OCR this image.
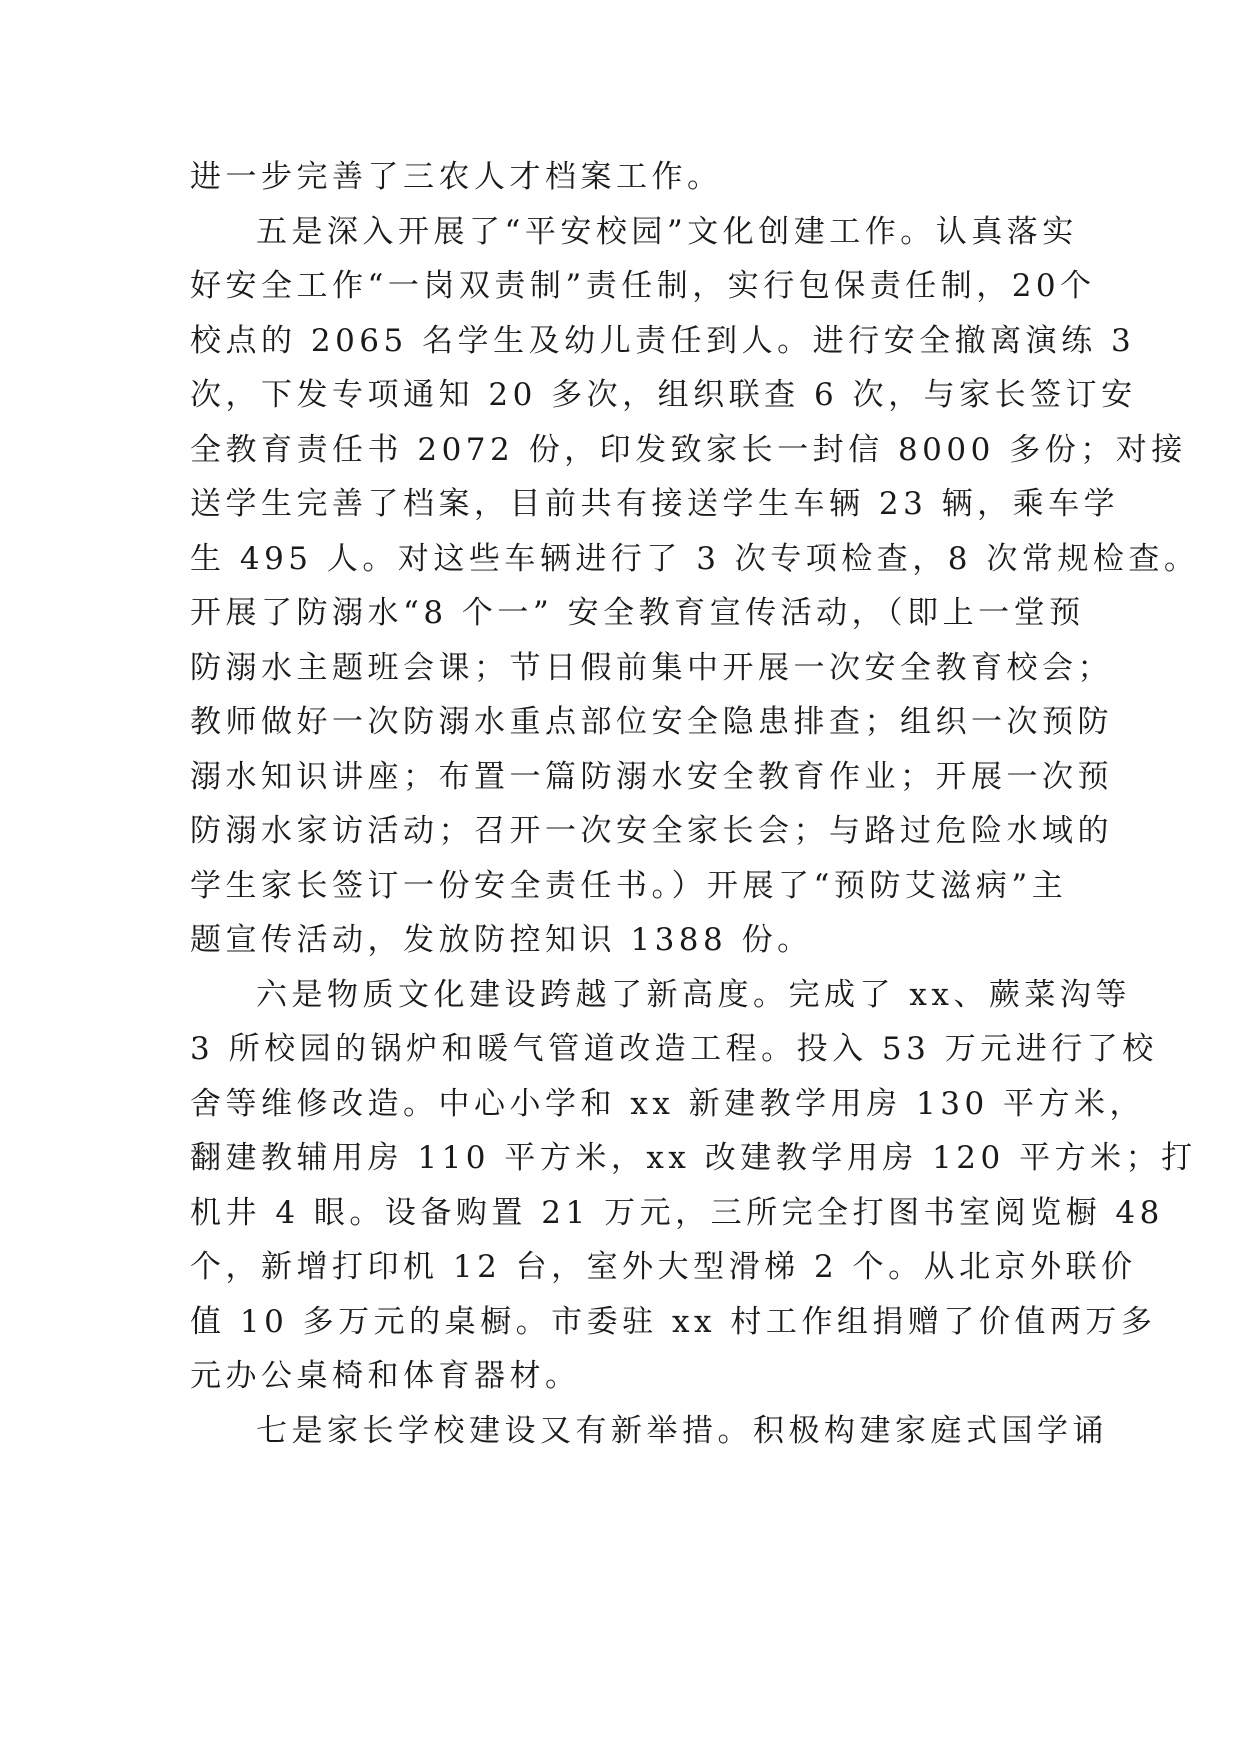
进一步完善了三农人才档案工作。
五是深入开展了“平安校园”文化创建工作。认真落实
好安全工作“一岗双责制”责任制，实行包保责任制，20个
校点的 2065 名学生及幼儿责任到人。进行安全撤离演练 3
次，下发专项通知 20 多次，组织联查 6 次，与家长签订安
全教育责任书 2072 份，印发致家长一封信 8000 多份；对接
送学生完善了档案，目前共有接送学生车辆 23 辆，乘车学
生 495 人。对这些车辆进行了 3 次专项检查，8 次常规检查。
开展了防溺水“8 个一” 安全教育宣传活动，（即上一堂预
防溺水主题班会课；节日假前集中开展一次安全教育校会；
教师做好一次防溺水重点部位安全隐患排查；组织一次预防
溺水知识讲座；布置一篇防溺水安全教育作业；开展一次预
防溺水家访活动；召开一次安全家长会；与路过危险水域的
学生家长签订一份安全责任书。）开展了“预防艾滋病”主
题宣传活动，发放防控知识 1388 份。
六是物质文化建设跨越了新高度。完成了 xx、蕨菜沟等
3 所校园的锅炉和暖气管道改造工程。投入 53 万元进行了校
舍等维修改造。中心小学和 xx 新建教学用房 130 平方米，
翻建教辅用房 110 平方米，xx 改建教学用房 120 平方米；打
机井 4 眼。设备购置 21 万元，三所完全打图书室阅览橱 48
个，新增打印机 12 台，室外大型滑梯 2 个。从北京外联价
值 10 多万元的桌橱。市委驻 xx 村工作组捐赠了价值两万多
元办公桌椅和体育器材。
七是家长学校建设又有新举措。积极构建家庭式国学诵
